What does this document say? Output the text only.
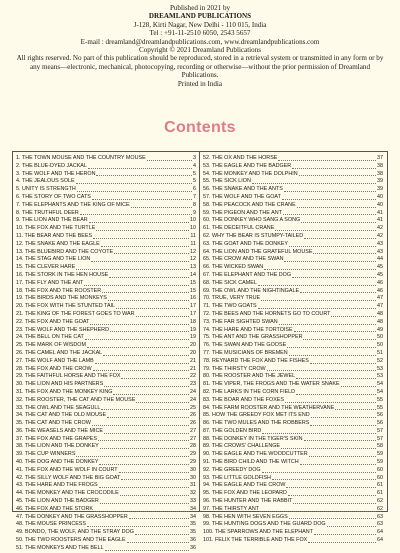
Published in 2021 by
DREAMLAND PUBLICATIONS
J-128, Kirti Nagar, New Delhi - 110 015, India
Tel : +91-11-2510 6050, 2543 5657
E-mail : dreamland@dreamlandpublications.com, www.dreamlandpublications.com
Copyright © 2021 Dreamland Publications
All rights reserved. No part of this publication should be reproduced, stored in a retrieval system or transmitted in any form or by any means—electronic, mechanical, photocopying, recording or otherwise—without the prior permission of Dreamland Publications.
Printed in India
Contents
1. THE TOWN MOUSE AND THE COUNTRY MOUSE	3
2. THE BLUE-DYED JACKAL	4
3. THE WOLF AND THE HERON	5
4. THE JEALOUS SOLE	5
5. UNITY IS STRENGTH	6
6. THE STORY OF TWO CATS	7
7. THE ELEPHANTS AND THE KING OF MICE	8
8. THE TRUTHFUL DEER	9
9. THE LION AND THE BEAR	10
10. THE FOX AND THE TURTLE	10
11. THE BEAR AND THE BEES	11
12. THE SNAKE AND THE EAGLE	11
13. THE BLUEBIRD AND THE COYOTE	12
14. THE STAG AND THE LION	12
15. THE CLEVER HARE	13
16. THE STORK IN THE HEN HOUSE	14
17. THE FLY AND THE ANT	15
18. THE FOX AND THE ROOSTER	15
19. THE BIRDS AND THE MONKEYS	16
20. THE FOX WITH THE STUNTED TAIL	17
21. THE KING OF THE FOREST GOES TO WAR	17
22. THE FOX AND THE GOAT	18
23. THE WOLF AND THE SHEPHERD	19
24. THE BELL ON THE CAT	19
25. THE MARK OF WISDOM	20
26. THE CAMEL AND THE JACKAL	20
27. THE WOLF AND THE LAMB	21
28. THE FOX AND THE CROW	21
29. THE FAITHFUL HORSE AND THE FOX	22
30. THE LION AND HIS PARTNERS	23
31. THE FOX AND THE MONKEY KING	24
32. THE ROOSTER, THE CAT AND THE MOUSE	24
33. THE OWL AND THE SEAGULL	25
34. THE CAT AND THE OLD MOUSE	26
35. THE CAT AND THE CROW	26
36. THE WEASELS AND THE MICE	27
37. THE FOX AND THE GRAPES	27
38. THE LION AND THE DONKEY	28
39. THE CUP WINNERS	29
40. THE DOG AND THE DONKEY	29
41. THE FOX AND THE WOLF IN COURT	30
42. THE SILLY WOLF AND THE BIG GOAT	30
43. THE HARE AND THE FROGS	31
44. THE MONKEY AND THE CROCODILE	32
45. THE LION AND THE BADGER	33
46. THE FOX AND THE STORK	34
47. THE DONKEY AND THE GRASSHOPPER	34
48. THE MOUSE PRINCESS	35
49. BONDO, THE WOLF, AND THE STRAY DOG	35
50. THE TWO ROOSTERS AND THE EAGLE	36
51. THE MONKEYS AND THE BELL	36
52. THE OX AND THE HORSE	37
53. THE EAGLE AND THE BADGER	38
54. THE MONKEY AND THE DOLPHIN	38
55. THE SICK LION	39
56. THE SNAKE AND THE ANTS	39
57. THE WOLF AND THE GOAT	40
58. THE PEACOCK AND THE CRANE	40
59. THE PIGEON AND THE ANT	41
60. THE DONKEY WHO SANG A SONG	41
61. THE DECEITFUL CRANE	42
62. WHY THE BEAR IS STUMPY-TAILED	42
63. THE GOAT AND THE DONKEY	43
64. THE LION AND THE GRATEFUL MOUSE	43
65. THE CROW AND THE SWAN	44
66. THE WICKED SWAN	45
67. THE ELEPHANT AND THE DOG	45
68. THE SICK CAMEL	46
69. THE OWL AND THE NIGHTINGALE	46
70. TRUE, VERY TRUE	47
71. THE TWO GOATS	47
72. THE BEES AND THE HORNETS GO TO COURT	48
73. THE FAR SIGHTED SWAN	48
74. THE HARE AND THE TORTOISE	49
75. THE ANT AND THE GRASSHOPPER	50
76. THE SWAN AND THE GOOSE	50
77. THE MUSICIANS OF BREMEN	51
78. REYNARD THE FOX AND THE FISHES	52
79. THE THIRSTY CROW	53
80. THE ROOSTER AND THE JEWEL	53
81. THE VIPER, THE FROGS AND THE WATER SNAKE	54
82. THE LARKS IN THE CORN FIELD	54
83. THE BOAR AND THE FOXES	55
84. THE FARM ROOSTER AND THE WEATHERVANE	55
85. HOW THE GREEDY FOX MET ITS END	56
86. THE TWO MULES AND THE ROBBERS	56
87. THE GOLDEN BIRD	57
88. THE DONKEY IN THE TIGER'S SKIN	57
89. THE CROWS' CHALLENGE	58
90. THE EAGLE AND THE WOODCUTTER	59
91. THE BIRD CHILD AND THE WITCH	59
92. THE GREEDY DOG	60
93. THE LITTLE GOLDFISH	60
94. THE EAGLE AND THE CROW	61
95. THE FOX AND THE LEOPARD	61
96. THE HUNTER AND THE RABBIT	62
97. THE THIRSTY ANT	62
98. THE HEN WITH SEVEN EGGS	63
99. THE HUNTING DOGS AND THE GUARD DOG	63
100. THE SPARROWS AND THE ELEPHANT	64
101. FELIX THE TERRIBLE AND THE FOX	64
